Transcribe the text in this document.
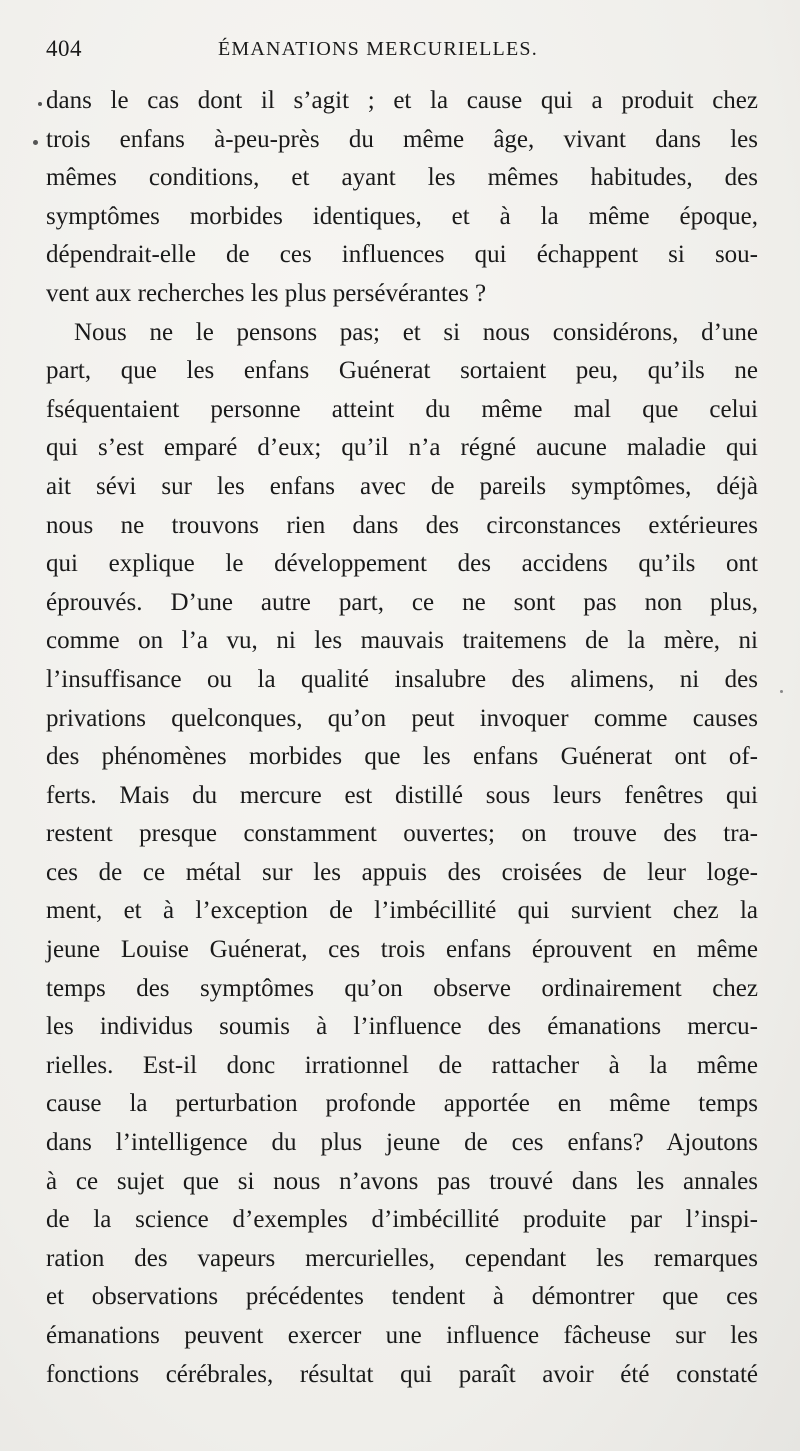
404	ÉMANATIONS MERCURIELLES.
dans le cas dont il s’agit ; et la cause qui a produit chez
trois enfans à-peu-près du même âge, vivant dans les
mêmes conditions, et ayant les mêmes habitudes, des
symptômes morbides identiques, et à la même époque,
dépendrait-elle de ces influences qui échappent si sou-
vent aux recherches les plus persévérantes ?
Nous ne le pensons pas; et si nous considérons, d’une
part, que les enfans Guénerat sortaient peu, qu’ils ne
fséquentaient personne atteint du même mal que celui
qui s’est emparé d’eux; qu’il n’a régné aucune maladie qui
ait sévi sur les enfans avec de pareils symptômes, déjà
nous ne trouvons rien dans des circonstances extérieures
qui explique le développement des accidens qu’ils ont
éprouvés. D’une autre part, ce ne sont pas non plus,
comme on l’a vu, ni les mauvais traitemens de la mère, ni
l’insuffisance ou la qualité insalubre des alimens, ni des
privations quelconques, qu’on peut invoquer comme causes
des phénomènes morbides que les enfans Guénerat ont of-
ferts. Mais du mercure est distillé sous leurs fenêtres qui
restent presque constamment ouvertes; on trouve des tra-
ces de ce métal sur les appuis des croisées de leur loge-
ment, et à l’exception de l’imbécillité qui survient chez la
jeune Louise Guénerat, ces trois enfans éprouvent en même
temps des symptômes qu’on observe ordinairement chez
les individus soumis à l’influence des émanations mercu-
rielles. Est-il donc irrationnel de rattacher à la même
cause la perturbation profonde apportée en même temps
dans l’intelligence du plus jeune de ces enfans? Ajoutons
à ce sujet que si nous n’avons pas trouvé dans les annales
de la science d’exemples d’imbécillité produite par l’inspi-
ration des vapeurs mercurielles, cependant les remarques
et observations précédentes tendent à démontrer que ces
émanations peuvent exercer une influence fâcheuse sur les
fonctions cérébrales, résultat qui paraît avoir été constaté
